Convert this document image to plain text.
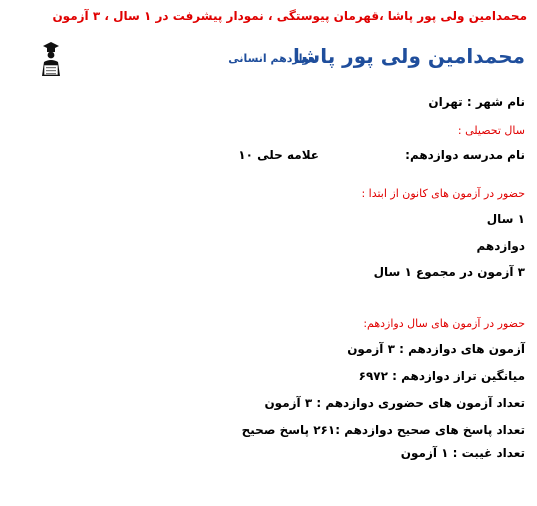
محمدامین ولی پور پاشا ،قهرمان پیوستگی ، نمودار پیشرفت در ۱ سال ، ۳ آزمون
محمدامین ولی پور پاشا
دوازدهم انسانی
نام شهر : تهران
سال تحصیلی :
نام مدرسه دوازدهم:
علامه حلی ۱۰
حضور در آزمون های کانون از ابتدا :
۱ سال
دوازدهم
۳ آزمون در مجموع ۱ سال
حضور در آزمون های سال دوازدهم:
آزمون های دوازدهم : ۳ آزمون
میانگین تراز دوازدهم : ۶۹۷۲
تعداد آزمون های حضوری دوازدهم : ۳ آزمون
تعداد پاسخ های صحیح دوازدهم :۲۶۱ پاسخ صحیح
تعداد غیبت : ۱ آزمون
